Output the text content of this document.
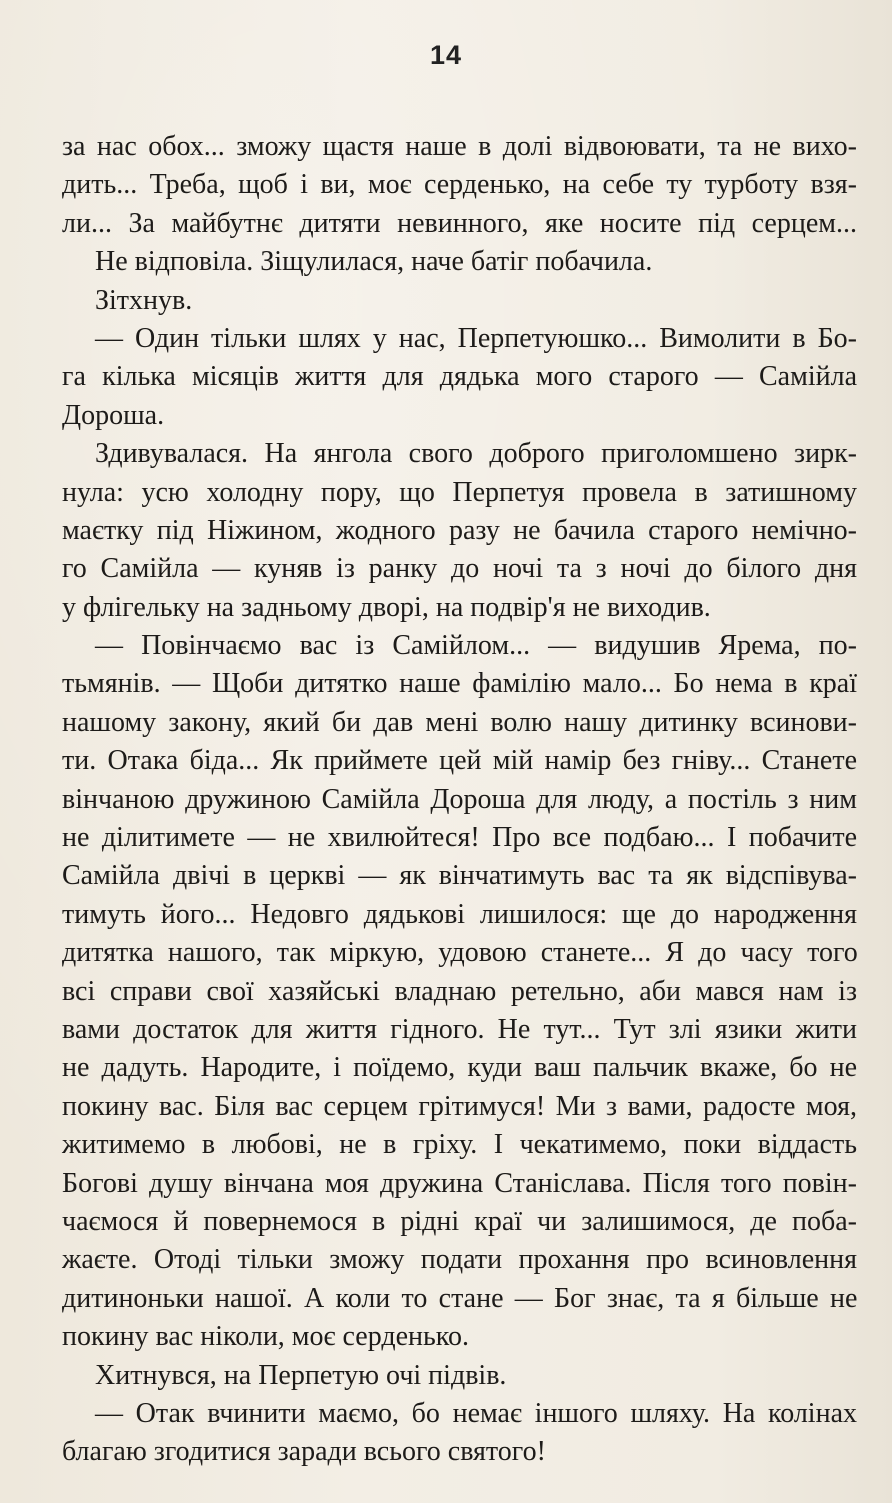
14
за нас обох... зможу щастя наше в долі відвоювати, та не вихо-
дить... Треба, щоб і ви, моє серденько, на себе ту турботу взя-
ли... За майбутнє дитяти невинного, яке носите під серцем...
Не відповіла. Зіщулилася, наче батіг побачила.
Зітхнув.
— Один тільки шлях у нас, Перпетуюшко... Вимолити в Бо-
га кілька місяців життя для дядька мого старого — Самійла
Дороша.
Здивувалася. На янгола свого доброго приголомшено зирк-
нула: усю холодну пору, що Перпетуя провела в затишному
маєтку під Ніжином, жодного разу не бачила старого немічно-
го Самійла — куняв із ранку до ночі та з ночі до білого дня
у флігельку на задньому дворі, на подвір'я не виходив.
— Повінчаємо вас із Самійлом... — видушив Ярема, по-
тьмянів. — Щоби дитятко наше фамілію мало... Бо нема в краї
нашому закону, який би дав мені волю нашу дитинку всинови-
ти. Отака біда... Як приймете цей мій намір без гніву... Станете
вінчаною дружиною Самійла Дороша для люду, а постіль з ним
не ділитимете — не хвилюйтеся! Про все подбаю... І побачите
Самійла двічі в церкві — як вінчатимуть вас та як відспівува-
тимуть його... Недовго дядькові лишилося: ще до народження
дитятка нашого, так міркую, удовою станете... Я до часу того
всі справи свої хазяйські владнаю ретельно, аби мався нам із
вами достаток для життя гідного. Не тут... Тут злі язики жити
не дадуть. Народите, і поїдемо, куди ваш пальчик вкаже, бо не
покину вас. Біля вас серцем грітимуся! Ми з вами, радосте моя,
житимемо в любові, не в гріху. І чекатимемо, поки віддасть
Богові душу вінчана моя дружина Станіслава. Після того повін-
чаємося й повернемося в рідні краї чи залишимося, де поба-
жаєте. Отоді тільки зможу подати прохання про всиновлення
дитиноньки нашої. А коли то стане — Бог знає, та я більше не
покину вас ніколи, моє серденько.
Хитнувся, на Перпетую очі підвів.
— Отак вчинити маємо, бо немає іншого шляху. На колінах
благаю згодитися заради всього святого!
